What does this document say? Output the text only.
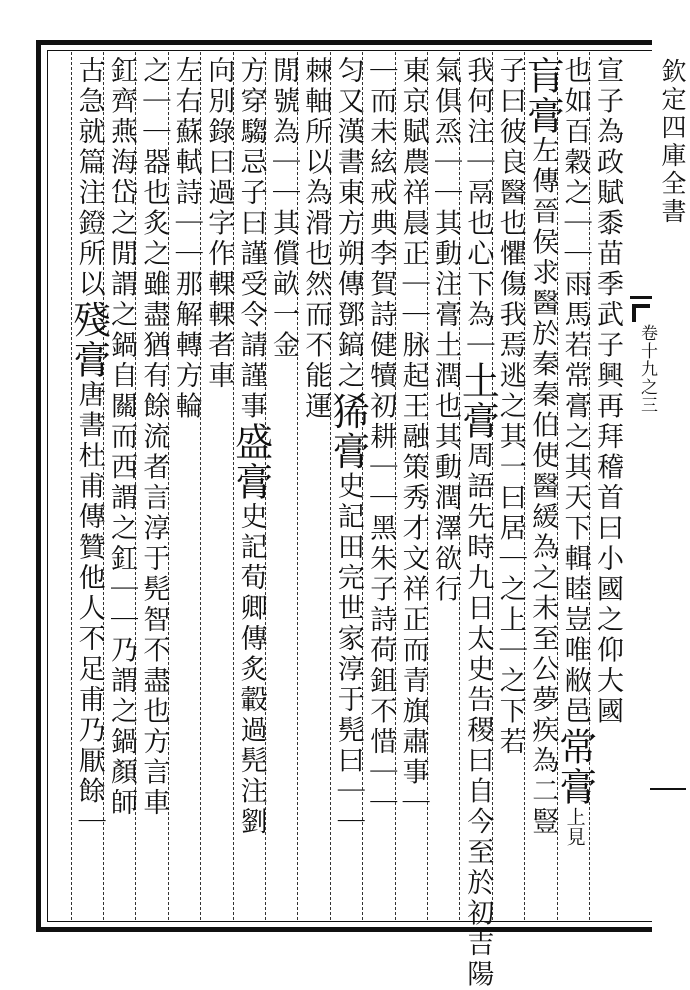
欽定四庫全書
卷十九之三
宣子為政賦黍苗季武子興再拜稽首曰小國之仰大國
也如百穀之｜｜雨馬若常膏之其天下輯睦豈唯敝邑常膏上見
肓膏左傳晉侯求醫於秦秦伯使醫緩為之未至公夢疾為二豎
子曰彼良醫也懼傷我焉逃之其一曰居｜之上｜之下若
我何注｜鬲也心下為｜土膏周語先時九日太史告稷曰自今至於初吉陽
氣俱烝｜｜其動注膏土潤也其動潤澤欲行
東京賦農祥晨正｜｜脉起王融策秀才文祥正而青旗肅事｜
｜而未絃戒典李賀詩健犢初耕｜｜黑朱子詩荷鉏不惜｜｜
匀又漢書東方朔傳鄧鎬之狶膏史記田完世家淳于髡曰｜｜
棘軸所以為滑也然而不能運
閒號為｜｜其償畝一金
方穿騶忌子曰謹受令請謹事盛膏史記荀卿傳炙轂過髡注劉
向別錄曰過字作輠輠者車
左右蘇軾詩｜｜那解轉方輪
之｜｜器也炙之雖盡猶有餘流者言淳于髡智不盡也方言車
釭齊燕海岱之閒謂之鍋自關而西謂之釭｜｜乃謂之鍋顏師
古急就篇注鐙所以殘膏唐書杜甫傳贊他人不足甫乃厭餘｜
